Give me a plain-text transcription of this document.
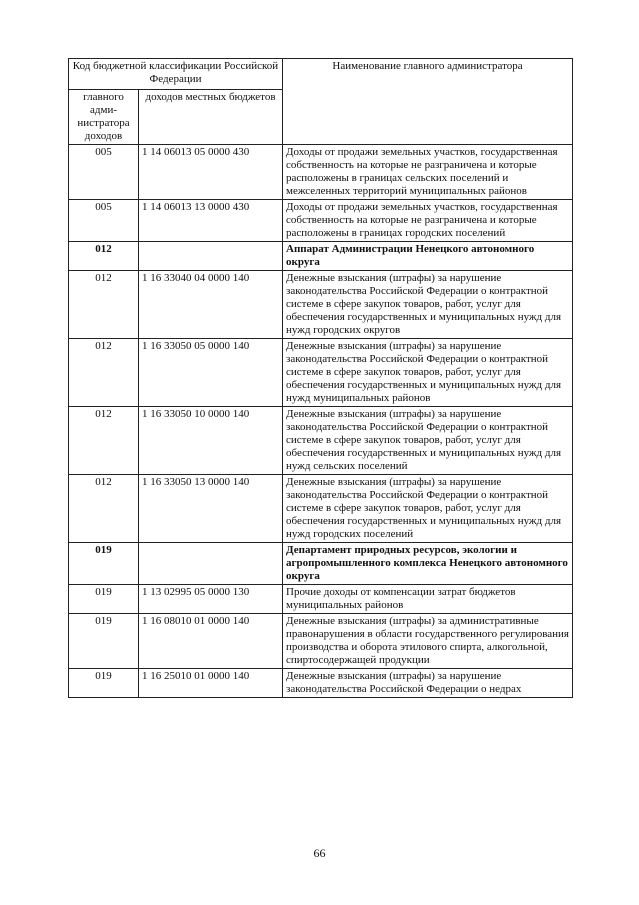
Код бюджетной классификации Российской Федерации		Наименование главного администратора
главного адми-нистратора доходов	доходов местных бюджетов	
005	1 14 06013 05 0000 430	Доходы от продажи земельных участков, государственная собственность на которые не разграничена и которые расположены в границах сельских поселений и межселенных территорий муниципальных районов
005	1 14 06013 13 0000 430	Доходы от продажи земельных участков, государственная собственность на которые не разграничена и которые расположены в границах городских поселений
012		Аппарат Администрации Ненецкого автономного округа
012	1 16 33040 04 0000 140	Денежные взыскания (штрафы) за нарушение законодательства Российской Федерации о контрактной системе в сфере закупок товаров, работ, услуг для обеспечения государственных и муниципальных нужд для нужд городских округов
012	1 16 33050 05 0000 140	Денежные взыскания (штрафы) за нарушение законодательства Российской Федерации о контрактной системе в сфере закупок товаров, работ, услуг для обеспечения государственных и муниципальных нужд для нужд муниципальных районов
012	1 16 33050 10 0000 140	Денежные взыскания (штрафы) за нарушение законодательства Российской Федерации о контрактной системе в сфере закупок товаров, работ, услуг для обеспечения государственных и муниципальных нужд для нужд сельских поселений
012	1 16 33050 13 0000 140	Денежные взыскания (штрафы) за нарушение законодательства Российской Федерации о контрактной системе в сфере закупок товаров, работ, услуг для обеспечения государственных и муниципальных нужд для нужд городских поселений
019		Департамент природных ресурсов, экологии и агропромышленного комплекса Ненецкого автономного округа
019	1 13 02995 05 0000 130	Прочие доходы от компенсации затрат бюджетов муниципальных районов
019	1 16 08010 01 0000 140	Денежные взыскания (штрафы) за административные правонарушения в области государственного регулирования производства и оборота этилового спирта, алкогольной, спиртосодержащей продукции
019	1 16 25010 01 0000 140	Денежные взыскания (штрафы) за нарушение законодательства Российской Федерации о недрах
66
